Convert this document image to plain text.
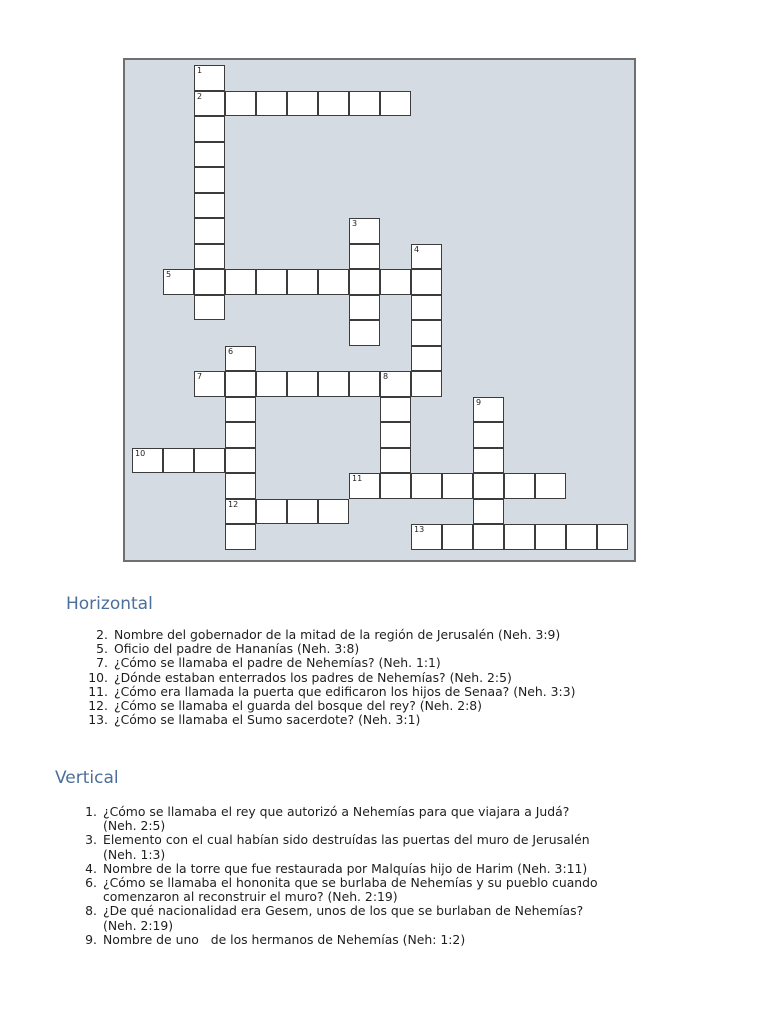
1
2
3
4
5
6
12
7	8
9
10
11
13
Horizontal
2. Nombre del gobernador de la mitad de la región de Jerusalén (Neh. 3:9)
5. Oficio del padre de Hananías (Neh. 3:8)
7. ¿Cómo se llamaba el padre de Nehemías? (Neh. 1:1)
10. ¿Dónde estaban enterrados los padres de Nehemías? (Neh. 2:5)
11. ¿Cómo era llamada la puerta que edificaron los hijos de Senaa? (Neh. 3:3)
12. ¿Cómo se llamaba el guarda del bosque del rey? (Neh. 2:8)
13. ¿Cómo se llamaba el Sumo sacerdote? (Neh. 3:1)
Vertical
1. ¿Cómo se llamaba el rey que autorizó a Nehemías para que viajara a Judá?
(Neh. 2:5)
3. Elemento con el cual habían sido destruídas las puertas del muro de Jerusalén
(Neh. 1:3)
4. Nombre de la torre que fue restaurada por Malquías hijo de Harim (Neh. 3:11)
6. ¿Cómo se llamaba el hononita que se burlaba de Nehemías y su pueblo cuando
comenzaron al reconstruir el muro? (Neh. 2:19)
8. ¿De qué nacionalidad era Gesem, unos de los que se burlaban de Nehemías?
(Neh. 2:19)
9. Nombre de uno   de los hermanos de Nehemías (Neh: 1:2)
